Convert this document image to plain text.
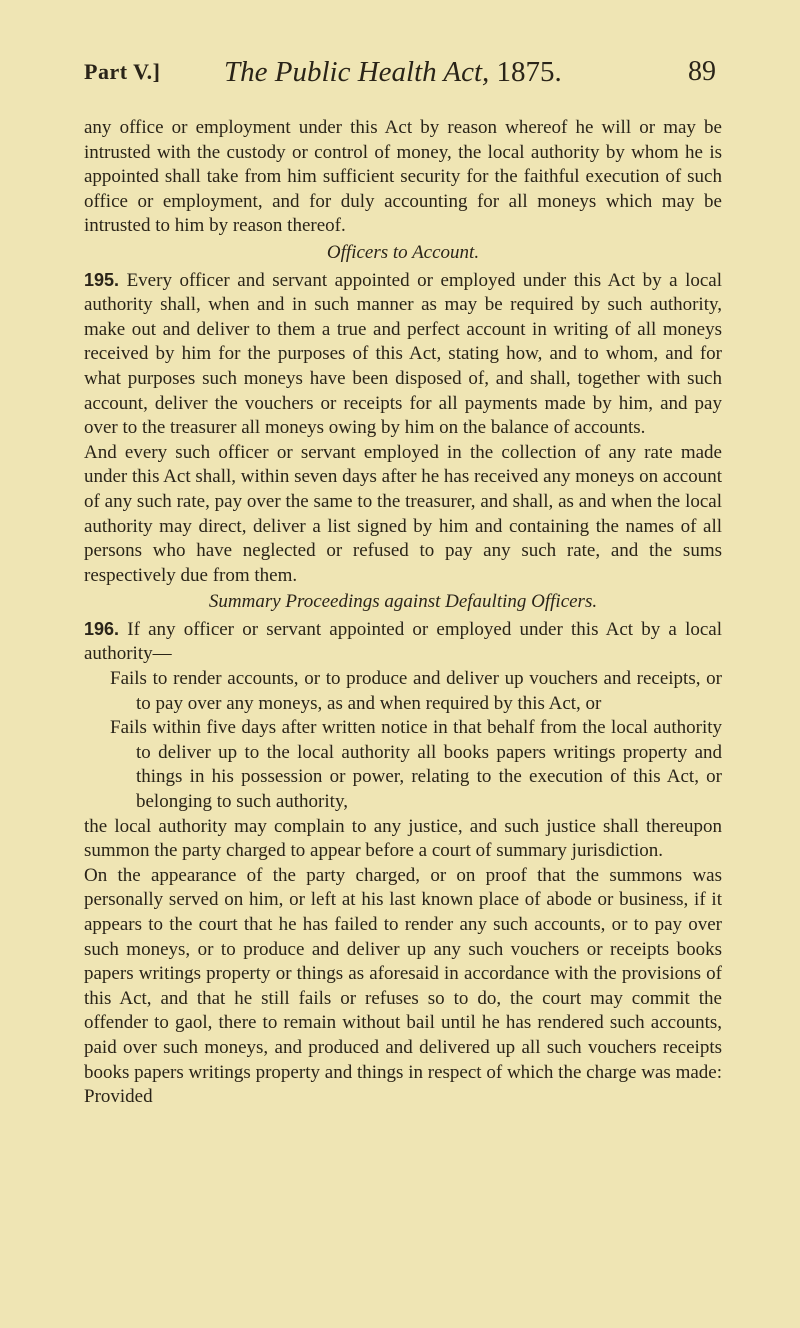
Part V.] The Public Health Act, 1875.	89

any office or employment under this Act by reason whereof he will or may be intrusted with the custody or control of money, the local authority by whom he is appointed shall take from him sufficient security for the faithful execution of such office or employment, and for duly accounting for all moneys which may be intrusted to him by reason thereof.

Officers to Account.

195. Every officer and servant appointed or employed under this Act by a local authority shall, when and in such manner as may be required by such authority, make out and deliver to them a true and perfect account in writing of all moneys received by him for the purposes of this Act, stating how, and to whom, and for what purposes such moneys have been disposed of, and shall, together with such account, deliver the vouchers or receipts for all payments made by him, and pay over to the treasurer all moneys owing by him on the balance of accounts.

And every such officer or servant employed in the collection of any rate made under this Act shall, within seven days after he has received any moneys on account of any such rate, pay over the same to the treasurer, and shall, as and when the local authority may direct, deliver a list signed by him and containing the names of all persons who have neglected or refused to pay any such rate, and the sums respectively due from them.

Summary Proceedings against Defaulting Officers.

196. If any officer or servant appointed or employed under this Act by a local authority—

Fails to render accounts, or to produce and deliver up vouchers and receipts, or to pay over any moneys, as and when required by this Act, or

Fails within five days after written notice in that behalf from the local authority to deliver up to the local authority all books papers writings property and things in his possession or power, relating to the execution of this Act, or belonging to such authority,

the local authority may complain to any justice, and such justice shall thereupon summon the party charged to appear before a court of summary jurisdiction.

On the appearance of the party charged, or on proof that the summons was personally served on him, or left at his last known place of abode or business, if it appears to the court that he has failed to render any such accounts, or to pay over such moneys, or to produce and deliver up any such vouchers or receipts books papers writings property or things as aforesaid in accordance with the provisions of this Act, and that he still fails or refuses so to do, the court may commit the offender to gaol, there to remain without bail until he has rendered such accounts, paid over such moneys, and produced and delivered up all such vouchers receipts books papers writings property and things in respect of which the charge was made: Provided
